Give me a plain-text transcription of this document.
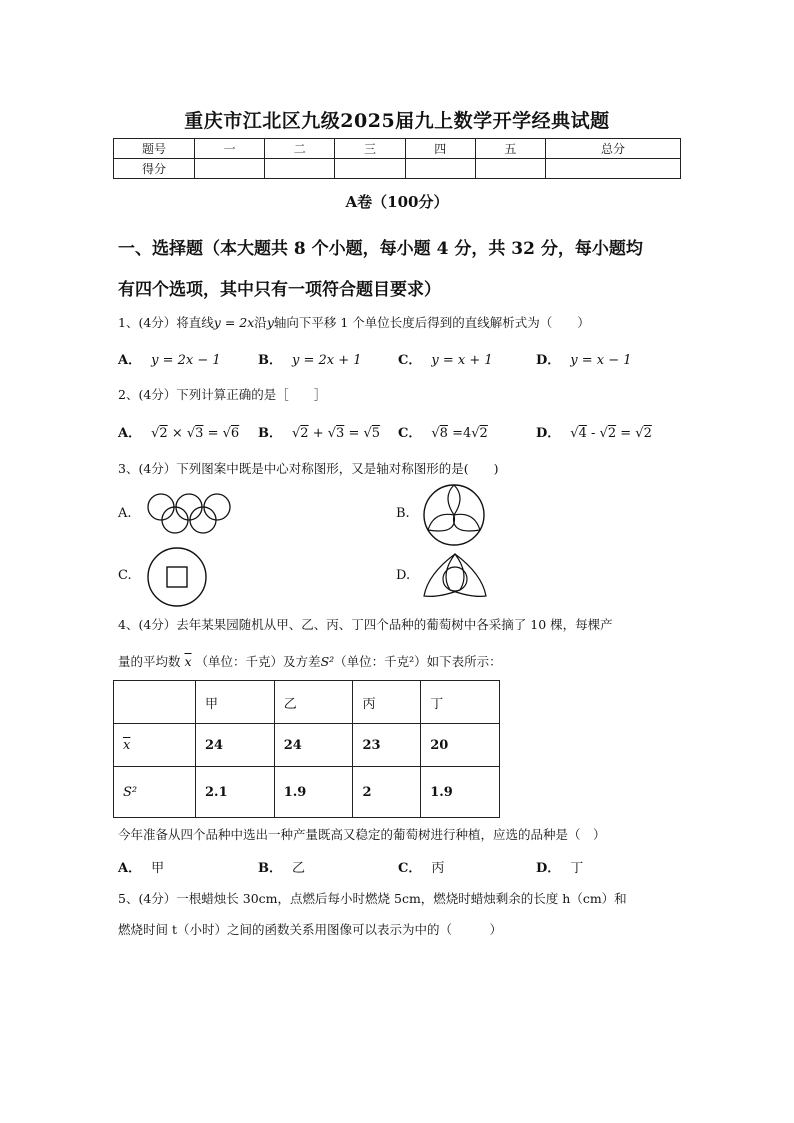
重庆市江北区九级2025届九上数学开学经典试题
题号	一	二	三	四	五	总分
得分						
A卷（100分）
一、选择题（本大题共 8 个小题，每小题 4 分，共 32 分，每小题均
有四个选项，其中只有一项符合题目要求）
1、(4分）将直线y = 2x沿y轴向下平移 1 个单位长度后得到的直线解析式为（　　）
A． y = 2x − 1	B． y = 2x + 1	C． y = x + 1	D． y = x − 1
2、(4分）下列计算正确的是［　　］
A． √2 × √3 = √6 B． √2 + √3 = √5 C． √8 =4√2	D． √4 - √2 = √2
3、(4分）下列图案中既是中心对称图形，又是轴对称图形的是(　　)
A.	B.
C.	D.
4、(4分）去年某果园随机从甲、乙、丙、丁四个品种的葡萄树中各采摘了 10 棵，每棵产
量的平均数 $\overline{x}$ （单位：千克）及方差S²（单位：千克²）如下表所示：
	甲	乙	丙	丁
$\overline{x}$	24	24	23	20
S²	2.1	1.9	2	1.9
今年准备从四个品种中选出一种产量既高又稳定的葡萄树进行种植，应选的品种是（　）
A． 甲	B． 乙	C． 丙	D． 丁
5、(4分）一根蜡烛长 30cm，点燃后每小时燃烧 5cm，燃烧时蜡烛剩余的长度 h（cm）和
燃烧时间 t（小时）之间的函数关系用图像可以表示为中的（　　　）
